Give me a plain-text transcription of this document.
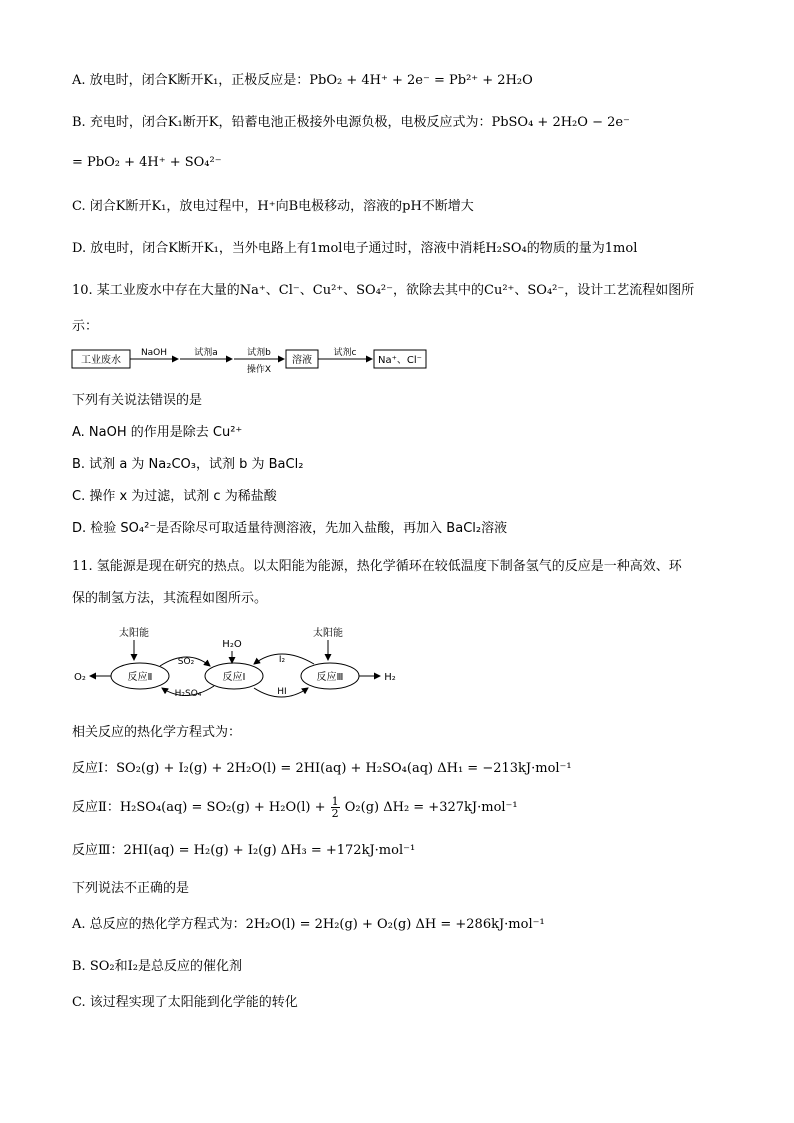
A. 放电时，闭合K断开K₁，正极反应是：PbO₂ + 4H⁺ + 2e⁻ = Pb²⁺ + 2H₂O
B. 充电时，闭合K₁断开K，铅蓄电池正极接外电源负极，电极反应式为：PbSO₄ + 2H₂O − 2e⁻
= PbO₂ + 4H⁺ + SO₄²⁻
C. 闭合K断开K₁，放电过程中，H⁺向B电极移动，溶液的pH不断增大
D. 放电时，闭合K断开K₁，当外电路上有1mol电子通过时，溶液中消耗H₂SO₄的物质的量为1mol
10. 某工业废水中存在大量的Na⁺、Cl⁻、Cu²⁺、SO₄²⁻，欲除去其中的Cu²⁺、SO₄²⁻，设计工艺流程如图所
示：
工业废水
NaOH	试剂a	试剂b
操作X
溶液
试剂c
Na⁺、Cl⁻
下列有关说法错误的是
A. NaOH 的作用是除去 Cu²⁺
B. 试剂 a 为 Na₂CO₃，试剂 b 为 BaCl₂
C. 操作 x 为过滤，试剂 c 为稀盐酸
D. 检验 SO₄²⁻是否除尽可取适量待测溶液，先加入盐酸，再加入 BaCl₂溶液
11. 氢能源是现在研究的热点。以太阳能为能源，热化学循环在较低温度下制备氢气的反应是一种高效、环
保的制氢方法，其流程如图所示。
太阳能	太阳能
H₂O
反应Ⅱ	反应Ⅰ	反应Ⅲ
O₂	H₂
SO₂
H₂SO₄
I₂
HI
相关反应的热化学方程式为：
反应Ⅰ：SO₂(g) + I₂(g) + 2H₂O(l) = 2HI(aq) + H₂SO₄(aq) ΔH₁ = −213kJ·mol⁻¹
反应Ⅱ：$H_2SO_4(aq) = SO_2(g) + H_2O(l) + \frac{1}{2} O_2(g) \Delta H_2 = +327kJ\cdot mol^{-1}$
反应Ⅲ：2HI(aq) = H₂(g) + I₂(g) ΔH₃ = +172kJ·mol⁻¹
下列说法不正确的是
A. 总反应的热化学方程式为：2H₂O(l) = 2H₂(g) + O₂(g) ΔH = +286kJ·mol⁻¹
B. SO₂和I₂是总反应的催化剂
C. 该过程实现了太阳能到化学能的转化
